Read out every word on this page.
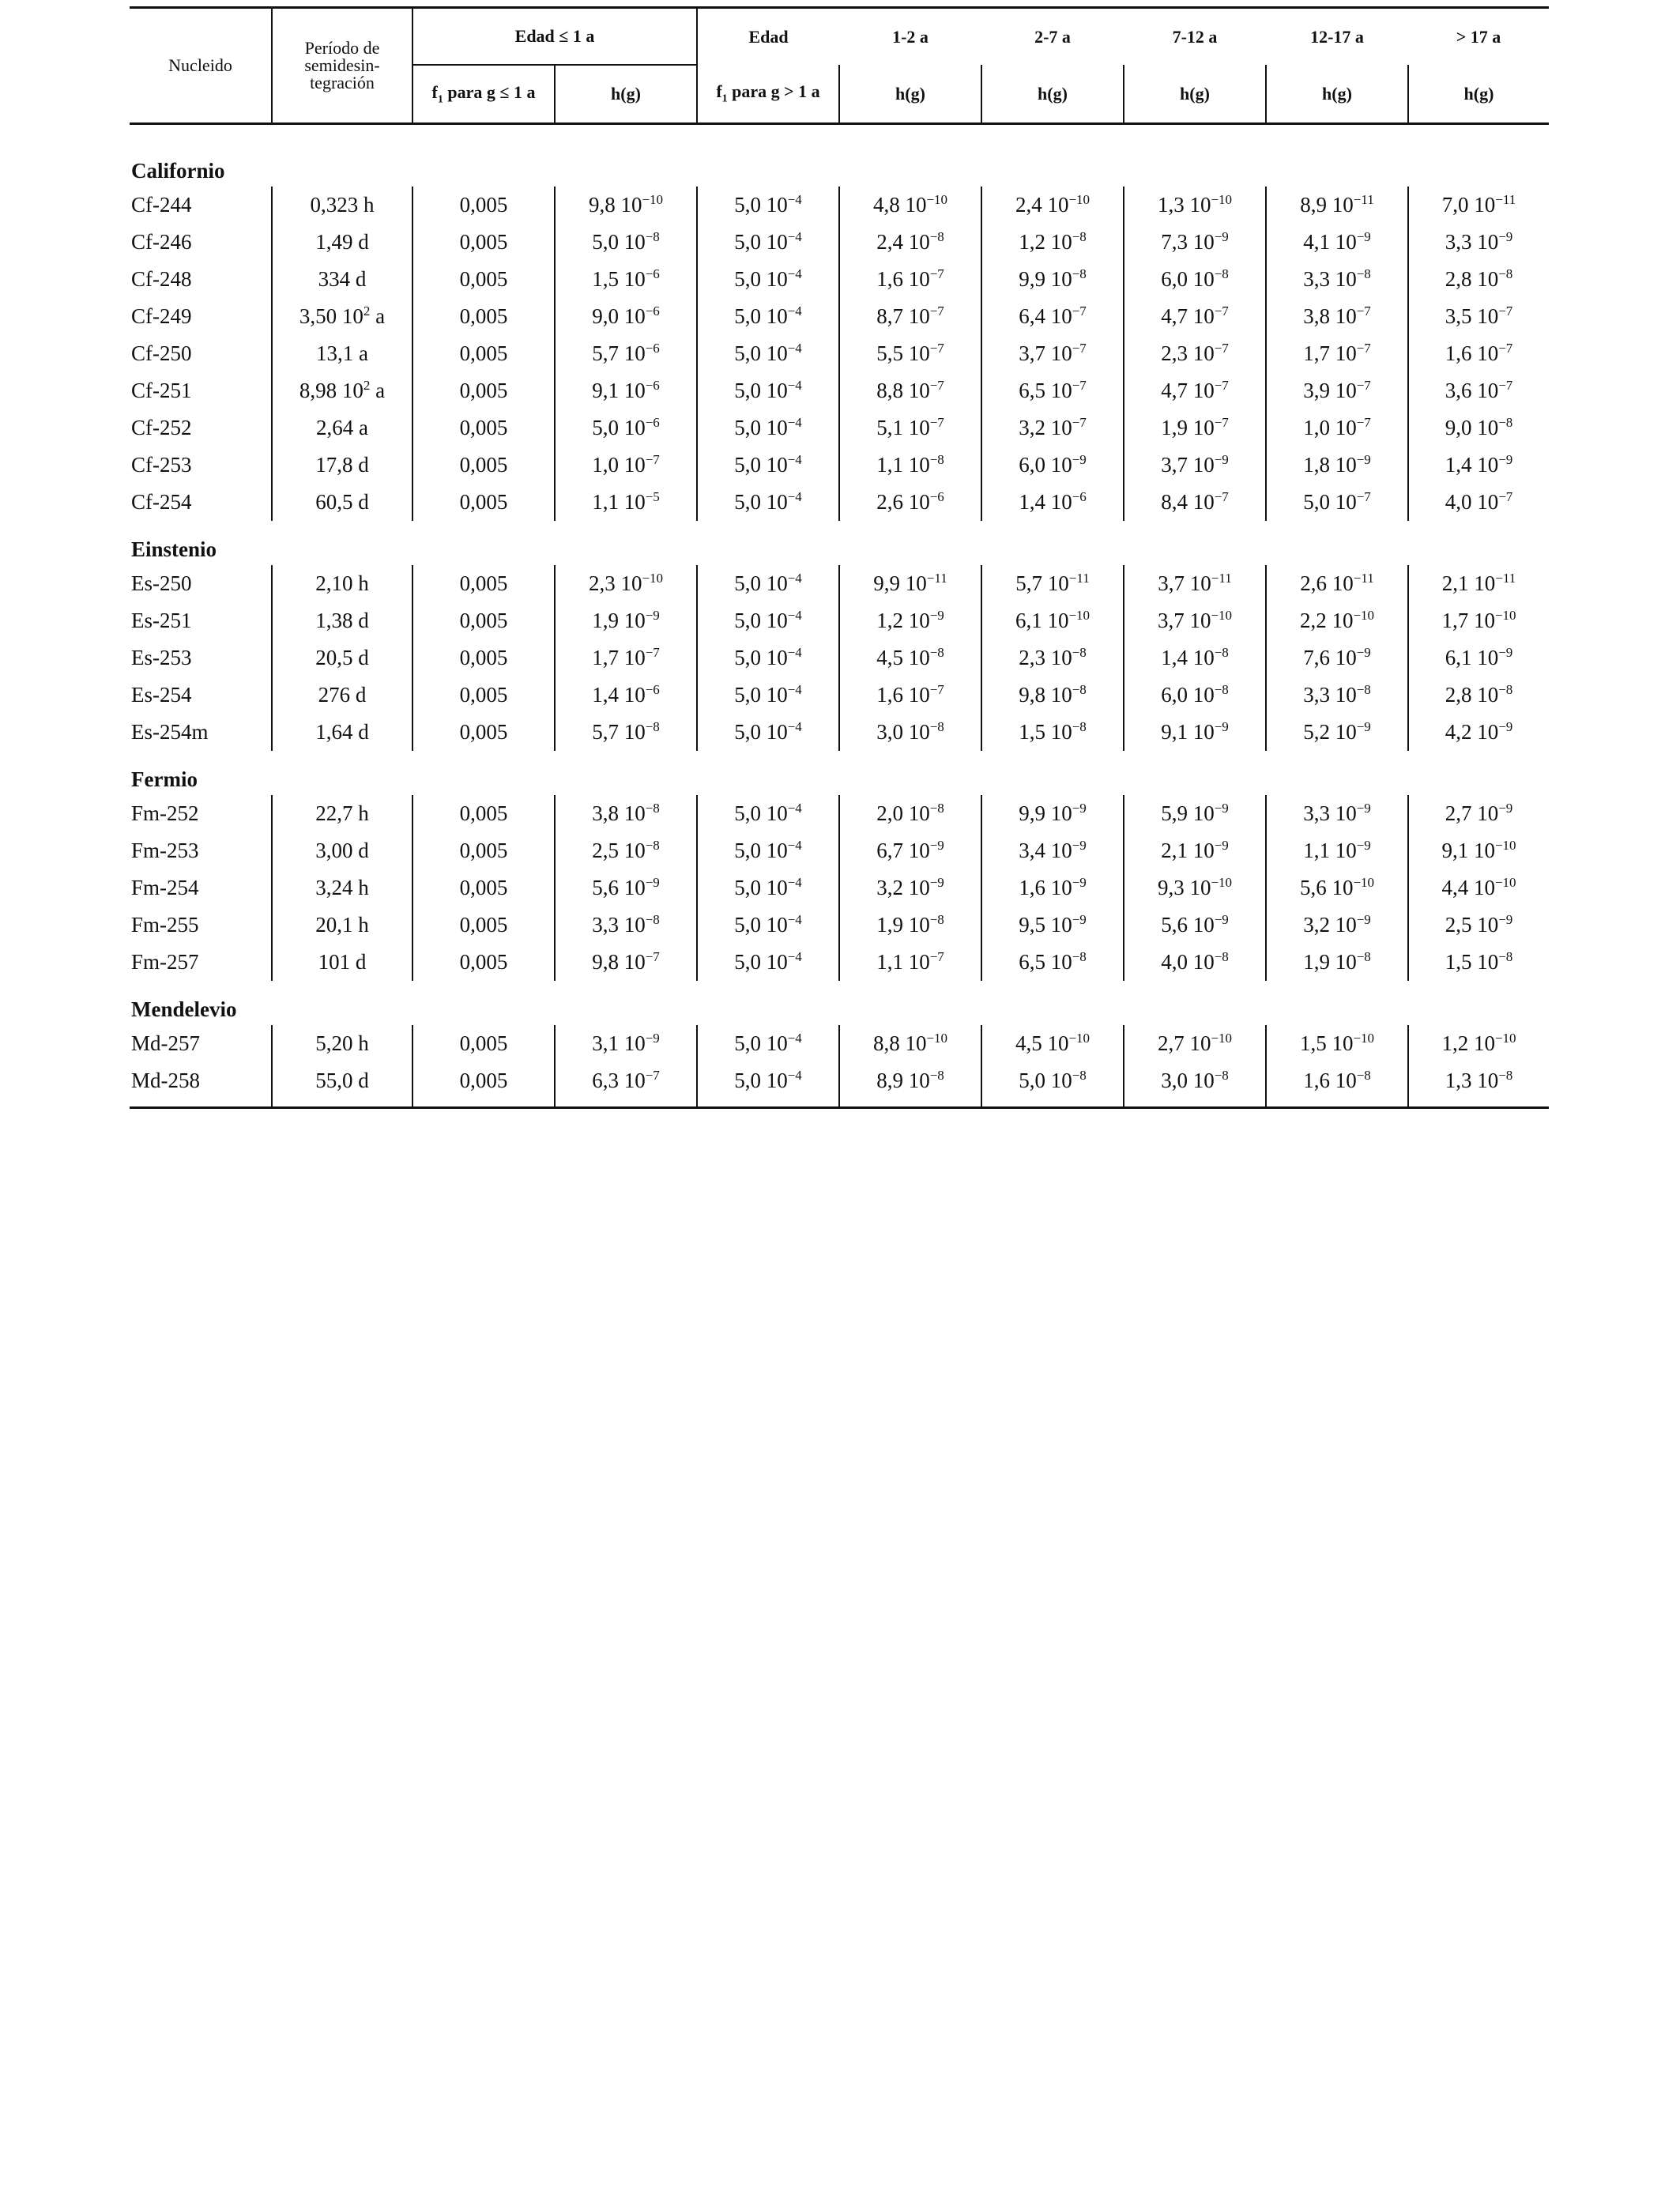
Nucleido	Período de
semidesin-
tegración	Edad ≤ 1 a		Edad	1-2 a	2-7 a	7-12 a	12-17 a	> 17 a
		$f_1$ para g ≤ 1 a	h(g)	$f_1$ para g > 1 a	h(g)	h(g)	h(g)	h(g)	h(g)

Californio									
Cf-244	0,323 h	0,005	9,8 $10^{-10}$	5,0 $10^{-4}$	4,8 $10^{-10}$	2,4 $10^{-10}$	1,3 $10^{-10}$	8,9 $10^{-11}$	7,0 $10^{-11}$
Cf-246	1,49 d	0,005	5,0 $10^{-8}$	5,0 $10^{-4}$	2,4 $10^{-8}$	1,2 $10^{-8}$	7,3 $10^{-9}$	4,1 $10^{-9}$	3,3 $10^{-9}$
Cf-248	334 d	0,005	1,5 $10^{-6}$	5,0 $10^{-4}$	1,6 $10^{-7}$	9,9 $10^{-8}$	6,0 $10^{-8}$	3,3 $10^{-8}$	2,8 $10^{-8}$
Cf-249	3,50 $10^2$ a	0,005	9,0 $10^{-6}$	5,0 $10^{-4}$	8,7 $10^{-7}$	6,4 $10^{-7}$	4,7 $10^{-7}$	3,8 $10^{-7}$	3,5 $10^{-7}$
Cf-250	13,1 a	0,005	5,7 $10^{-6}$	5,0 $10^{-4}$	5,5 $10^{-7}$	3,7 $10^{-7}$	2,3 $10^{-7}$	1,7 $10^{-7}$	1,6 $10^{-7}$
Cf-251	8,98 $10^2$ a	0,005	9,1 $10^{-6}$	5,0 $10^{-4}$	8,8 $10^{-7}$	6,5 $10^{-7}$	4,7 $10^{-7}$	3,9 $10^{-7}$	3,6 $10^{-7}$
Cf-252	2,64 a	0,005	5,0 $10^{-6}$	5,0 $10^{-4}$	5,1 $10^{-7}$	3,2 $10^{-7}$	1,9 $10^{-7}$	1,0 $10^{-7}$	9,0 $10^{-8}$
Cf-253	17,8 d	0,005	1,0 $10^{-7}$	5,0 $10^{-4}$	1,1 $10^{-8}$	6,0 $10^{-9}$	3,7 $10^{-9}$	1,8 $10^{-9}$	1,4 $10^{-9}$
Cf-254	60,5 d	0,005	1,1 $10^{-5}$	5,0 $10^{-4}$	2,6 $10^{-6}$	1,4 $10^{-6}$	8,4 $10^{-7}$	5,0 $10^{-7}$	4,0 $10^{-7}$
Einstenio									
Es-250	2,10 h	0,005	2,3 $10^{-10}$	5,0 $10^{-4}$	9,9 $10^{-11}$	5,7 $10^{-11}$	3,7 $10^{-11}$	2,6 $10^{-11}$	2,1 $10^{-11}$
Es-251	1,38 d	0,005	1,9 $10^{-9}$	5,0 $10^{-4}$	1,2 $10^{-9}$	6,1 $10^{-10}$	3,7 $10^{-10}$	2,2 $10^{-10}$	1,7 $10^{-10}$
Es-253	20,5 d	0,005	1,7 $10^{-7}$	5,0 $10^{-4}$	4,5 $10^{-8}$	2,3 $10^{-8}$	1,4 $10^{-8}$	7,6 $10^{-9}$	6,1 $10^{-9}$
Es-254	276 d	0,005	1,4 $10^{-6}$	5,0 $10^{-4}$	1,6 $10^{-7}$	9,8 $10^{-8}$	6,0 $10^{-8}$	3,3 $10^{-8}$	2,8 $10^{-8}$
Es-254m	1,64 d	0,005	5,7 $10^{-8}$	5,0 $10^{-4}$	3,0 $10^{-8}$	1,5 $10^{-8}$	9,1 $10^{-9}$	5,2 $10^{-9}$	4,2 $10^{-9}$
Fermio									
Fm-252	22,7 h	0,005	3,8 $10^{-8}$	5,0 $10^{-4}$	2,0 $10^{-8}$	9,9 $10^{-9}$	5,9 $10^{-9}$	3,3 $10^{-9}$	2,7 $10^{-9}$
Fm-253	3,00 d	0,005	2,5 $10^{-8}$	5,0 $10^{-4}$	6,7 $10^{-9}$	3,4 $10^{-9}$	2,1 $10^{-9}$	1,1 $10^{-9}$	9,1 $10^{-10}$
Fm-254	3,24 h	0,005	5,6 $10^{-9}$	5,0 $10^{-4}$	3,2 $10^{-9}$	1,6 $10^{-9}$	9,3 $10^{-10}$	5,6 $10^{-10}$	4,4 $10^{-10}$
Fm-255	20,1 h	0,005	3,3 $10^{-8}$	5,0 $10^{-4}$	1,9 $10^{-8}$	9,5 $10^{-9}$	5,6 $10^{-9}$	3,2 $10^{-9}$	2,5 $10^{-9}$
Fm-257	101 d	0,005	9,8 $10^{-7}$	5,0 $10^{-4}$	1,1 $10^{-7}$	6,5 $10^{-8}$	4,0 $10^{-8}$	1,9 $10^{-8}$	1,5 $10^{-8}$
Mendelevio									
Md-257	5,20 h	0,005	3,1 $10^{-9}$	5,0 $10^{-4}$	8,8 $10^{-10}$	4,5 $10^{-10}$	2,7 $10^{-10}$	1,5 $10^{-10}$	1,2 $10^{-10}$
Md-258	55,0 d	0,005	6,3 $10^{-7}$	5,0 $10^{-4}$	8,9 $10^{-8}$	5,0 $10^{-8}$	3,0 $10^{-8}$	1,6 $10^{-8}$	1,3 $10^{-8}$
